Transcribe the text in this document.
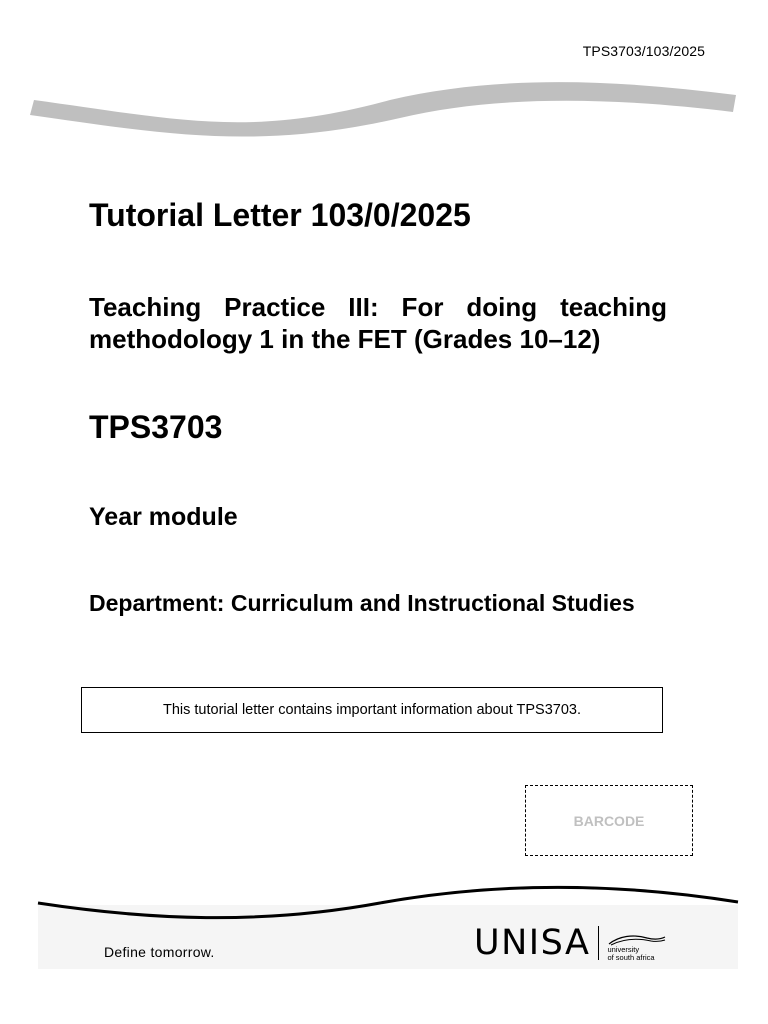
TPS3703/103/2025
Tutorial Letter 103/0/2025
Teaching Practice III: For doing teaching methodology 1 in the FET (Grades 10–12)
TPS3703
Year module
Department: Curriculum and Instructional Studies
This tutorial letter contains important information about TPS3703.
BARCODE
Define tomorrow.	UNISA university

of south africa
